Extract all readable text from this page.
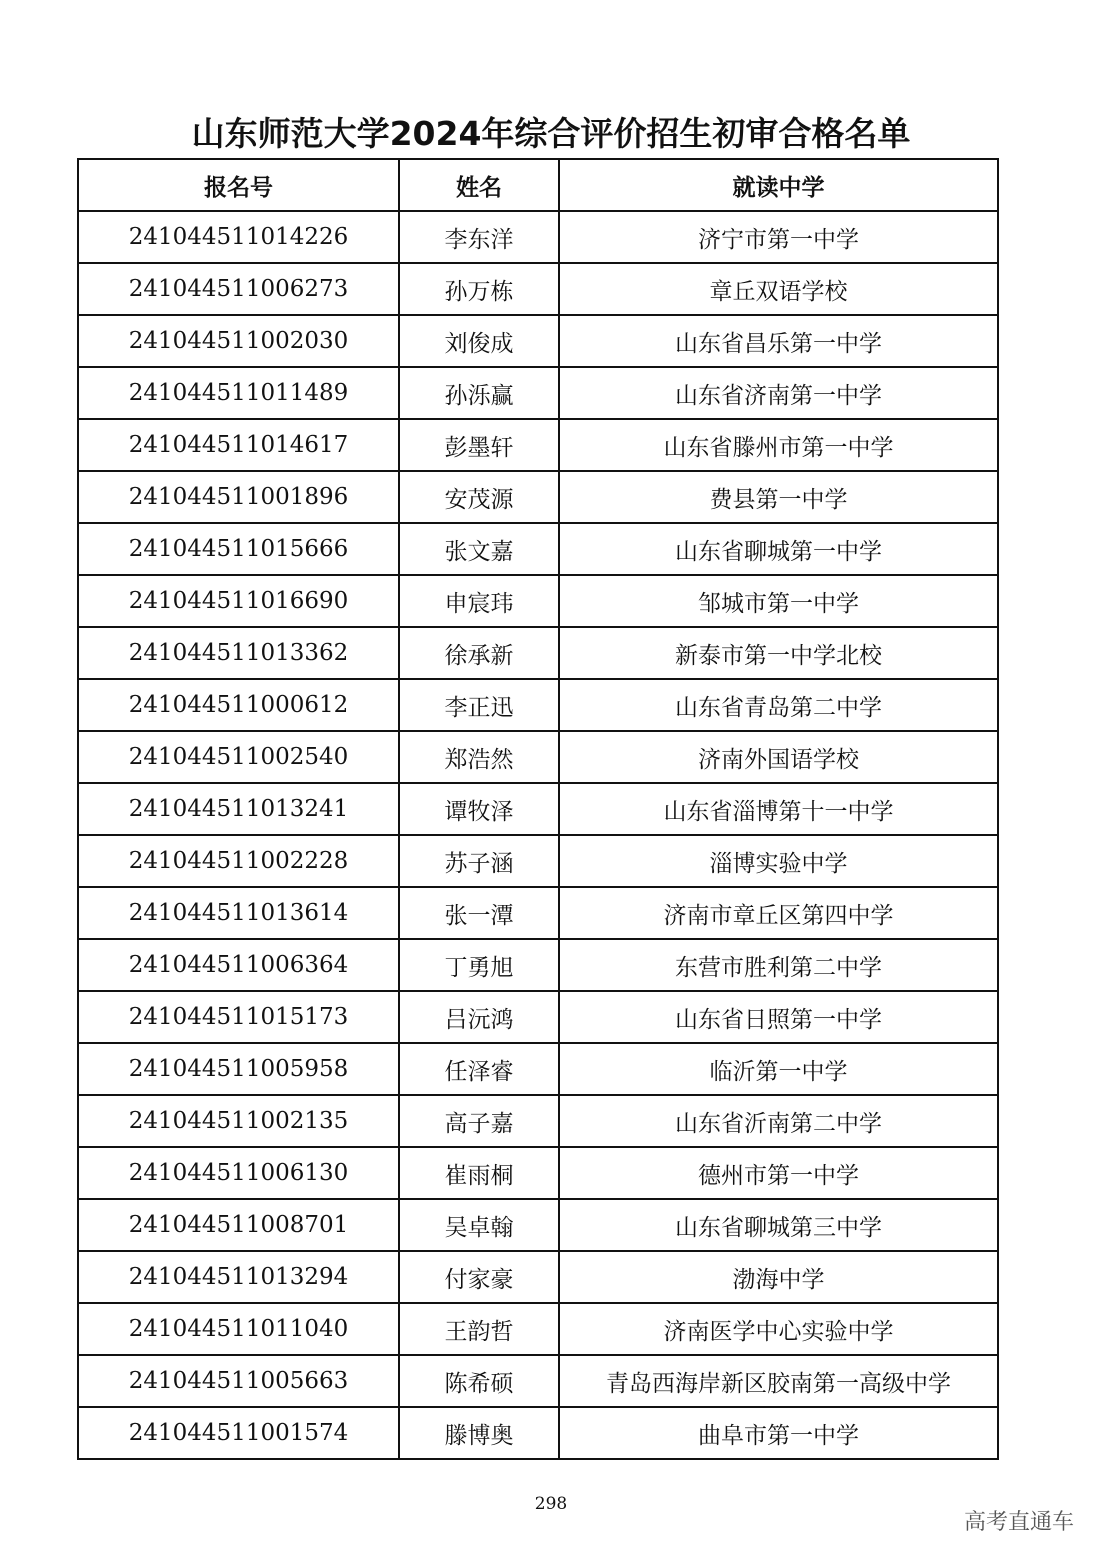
山东师范大学2024年综合评价招生初审合格名单
报名号	姓名	就读中学
241044511014226	李东洋	济宁市第一中学
241044511006273	孙万栋	章丘双语学校
241044511002030	刘俊成	山东省昌乐第一中学
241044511011489	孙泺赢	山东省济南第一中学
241044511014617	彭墨轩	山东省滕州市第一中学
241044511001896	安茂源	费县第一中学
241044511015666	张文嘉	山东省聊城第一中学
241044511016690	申宸玮	邹城市第一中学
241044511013362	徐承新	新泰市第一中学北校
241044511000612	李正迅	山东省青岛第二中学
241044511002540	郑浩然	济南外国语学校
241044511013241	谭牧泽	山东省淄博第十一中学
241044511002228	苏子涵	淄博实验中学
241044511013614	张一潭	济南市章丘区第四中学
241044511006364	丁勇旭	东营市胜利第二中学
241044511015173	吕沅鸿	山东省日照第一中学
241044511005958	任泽睿	临沂第一中学
241044511002135	高子嘉	山东省沂南第二中学
241044511006130	崔雨桐	德州市第一中学
241044511008701	吴卓翰	山东省聊城第三中学
241044511013294	付家豪	渤海中学
241044511011040	王韵哲	济南医学中心实验中学
241044511005663	陈希硕	青岛西海岸新区胶南第一高级中学
241044511001574	滕博奥	曲阜市第一中学
298
高考直通车
